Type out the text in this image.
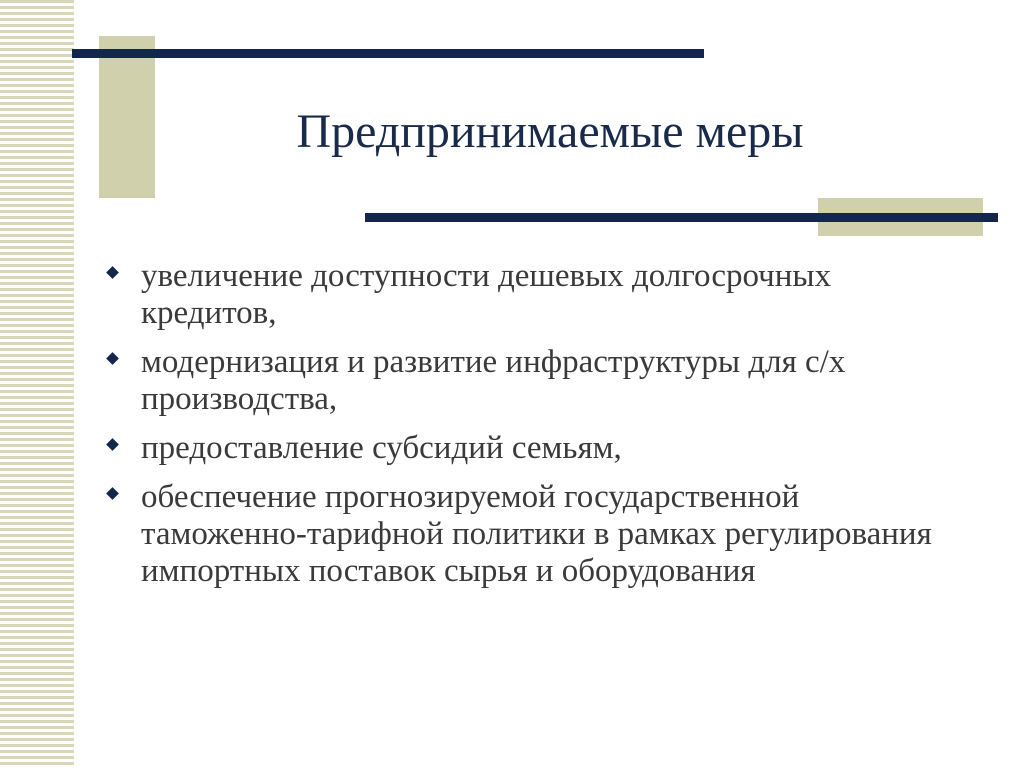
Предпринимаемые меры
увеличение доступности дешевых долгосрочных кредитов,
модернизация и развитие инфраструктуры для с/х производства,
предоставление субсидий семьям,
обеспечение прогнозируемой государственной таможенно-тарифной политики в рамках регулирования импортных поставок сырья и оборудования
